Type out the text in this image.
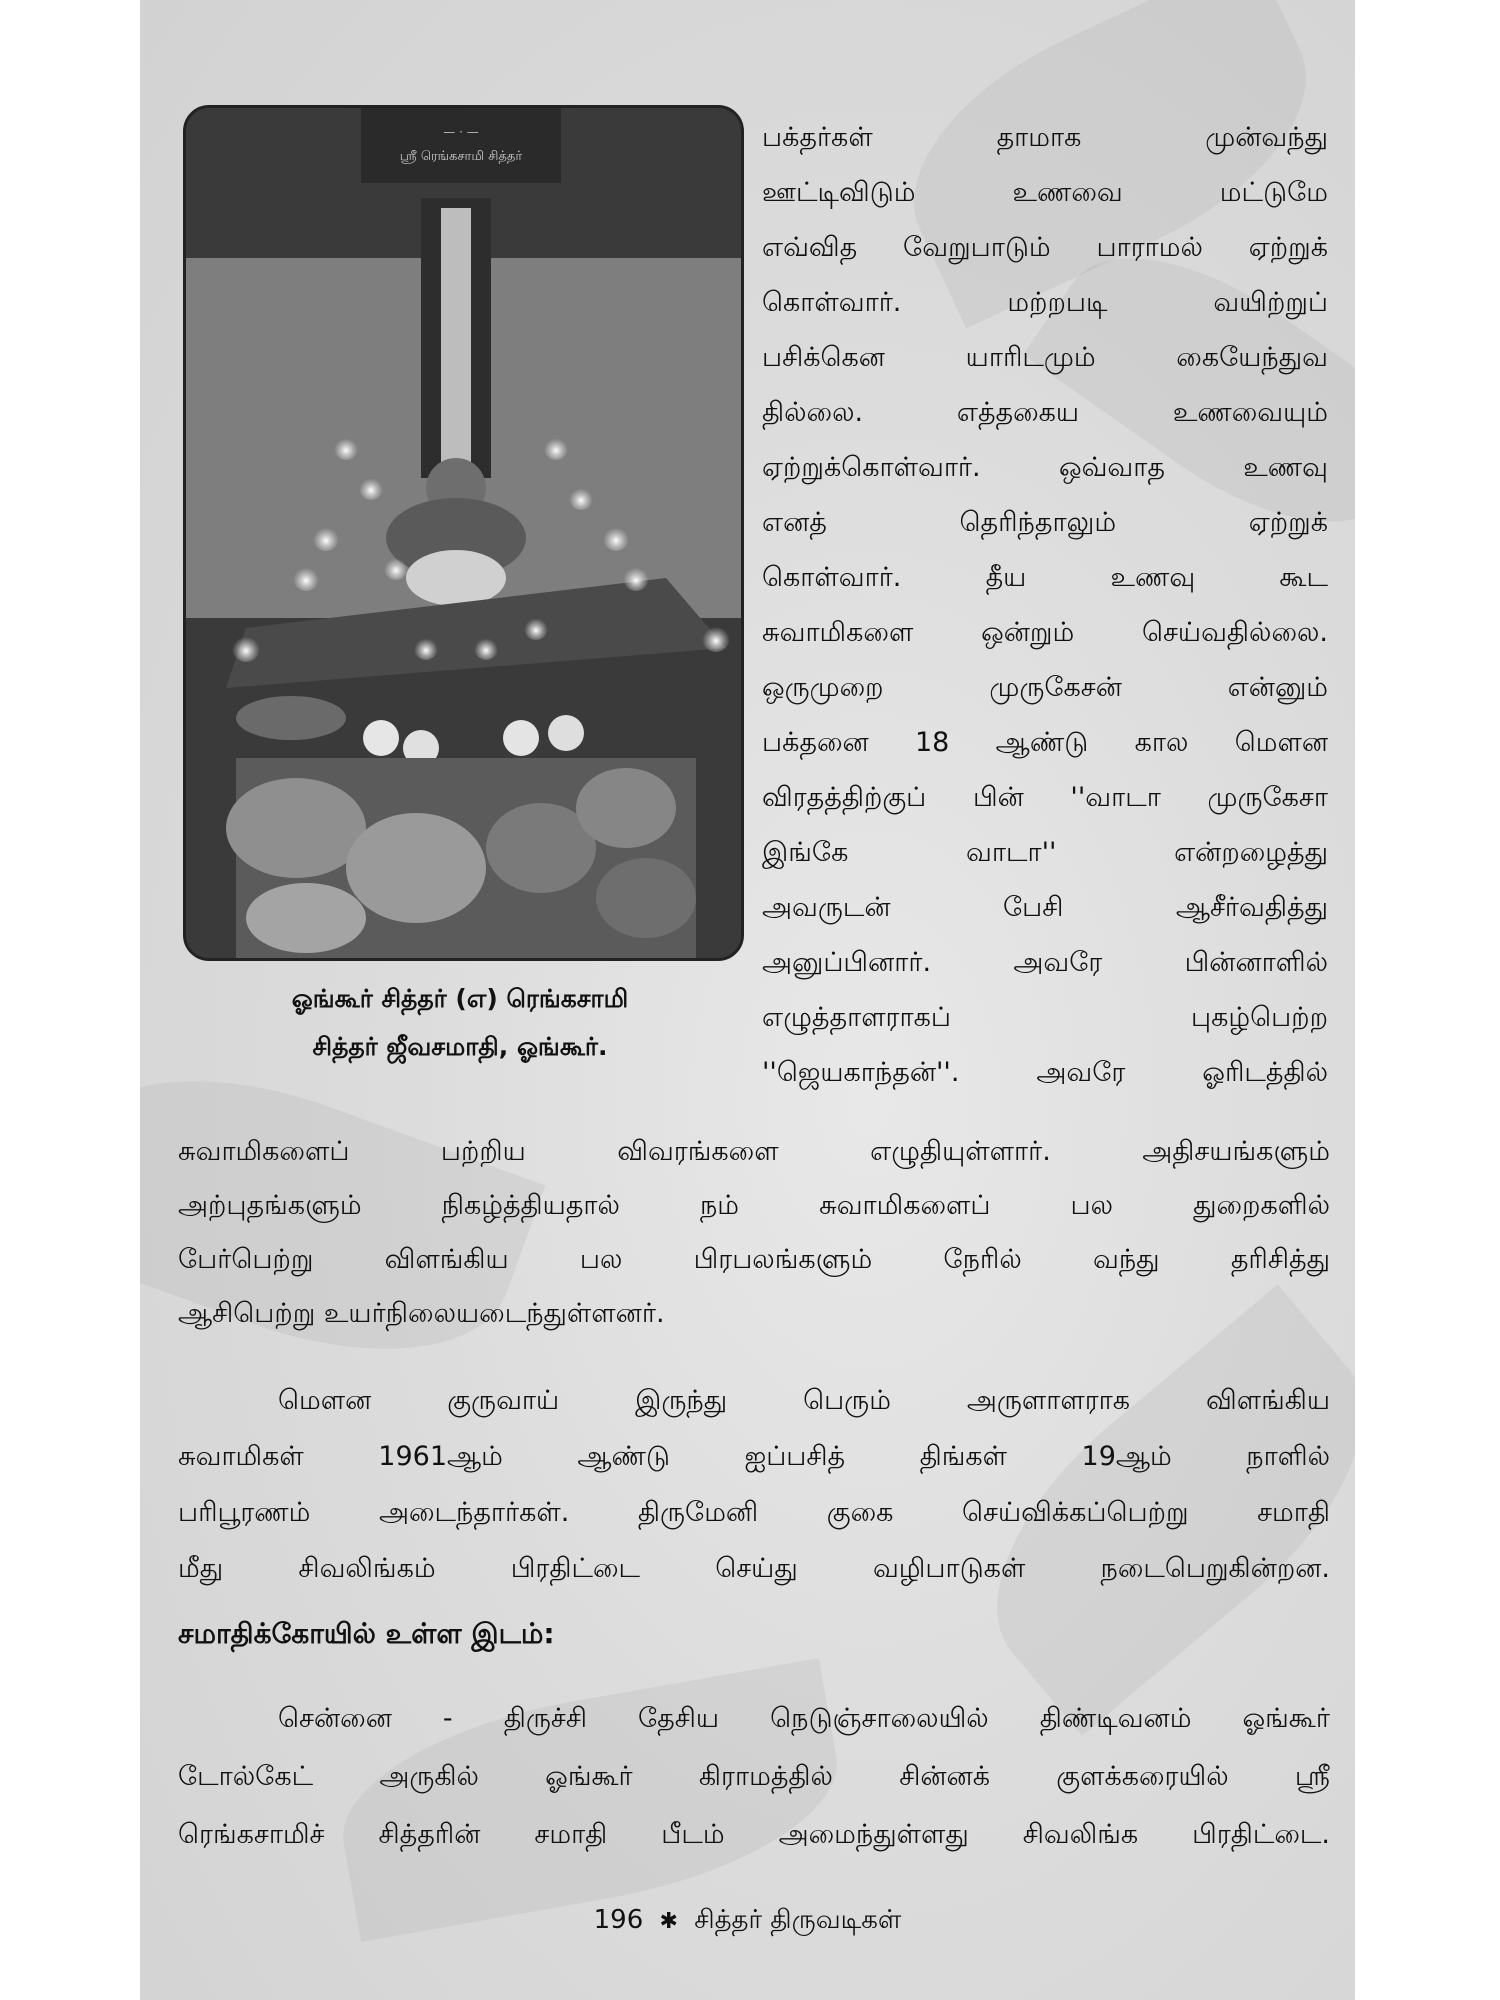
— · —
ஸ்ரீ ரெங்கசாமி சித்தர்
ஓங்கூர் சித்தர் (எ) ரெங்கசாமி
சித்தர் ஜீவசமாதி, ஓங்கூர்.
பக்தர்கள் தாமாக முன்வந்து
ஊட்டிவிடும் உணவை மட்டுமே
எவ்வித வேறுபாடும் பாராமல் ஏற்றுக்
கொள்வார். மற்றபடி வயிற்றுப்
பசிக்கென யாரிடமும் கையேந்துவ
தில்லை. எத்தகைய உணவையும்
ஏற்றுக்கொள்வார். ஒவ்வாத உணவு
எனத் தெரிந்தாலும் ஏற்றுக்
கொள்வார். தீய உணவு கூட
சுவாமிகளை ஒன்றும் செய்வதில்லை.
ஒருமுறை முருகேசன் என்னும்
பக்தனை 18 ஆண்டு கால மௌன
விரதத்திற்குப் பின் ''வாடா முருகேசா
இங்கே வாடா'' என்றழைத்து
அவருடன் பேசி ஆசீர்வதித்து
அனுப்பினார். அவரே பின்னாளில்
எழுத்தாளராகப் புகழ்பெற்ற
''ஜெயகாந்தன்''. அவரே ஓரிடத்தில்
சுவாமிகளைப் பற்றிய விவரங்களை எழுதியுள்ளார். அதிசயங்களும்
அற்புதங்களும் நிகழ்த்தியதால் நம் சுவாமிகளைப் பல துறைகளில்
பேர்பெற்று விளங்கிய பல பிரபலங்களும் நேரில் வந்து தரிசித்து
ஆசிபெற்று உயர்நிலையடைந்துள்ளனர்.
மௌன குருவாய் இருந்து பெரும் அருளாளராக விளங்கிய
சுவாமிகள் 1961ஆம் ஆண்டு ஐப்பசித் திங்கள் 19ஆம் நாளில்
பரிபூரணம் அடைந்தார்கள். திருமேனி குகை செய்விக்கப்பெற்று சமாதி
மீது சிவலிங்கம் பிரதிட்டை செய்து வழிபாடுகள் நடைபெறுகின்றன.
சமாதிக்கோயில் உள்ள இடம்:
சென்னை - திருச்சி தேசிய நெடுஞ்சாலையில் திண்டிவனம் ஓங்கூர்
டோல்கேட் அருகில் ஓங்கூர் கிராமத்தில் சின்னக் குளக்கரையில் ஸ்ரீ
ரெங்கசாமிச் சித்தரின் சமாதி பீடம் அமைந்துள்ளது சிவலிங்க பிரதிட்டை.
196 ✱ சித்தர் திருவடிகள்
